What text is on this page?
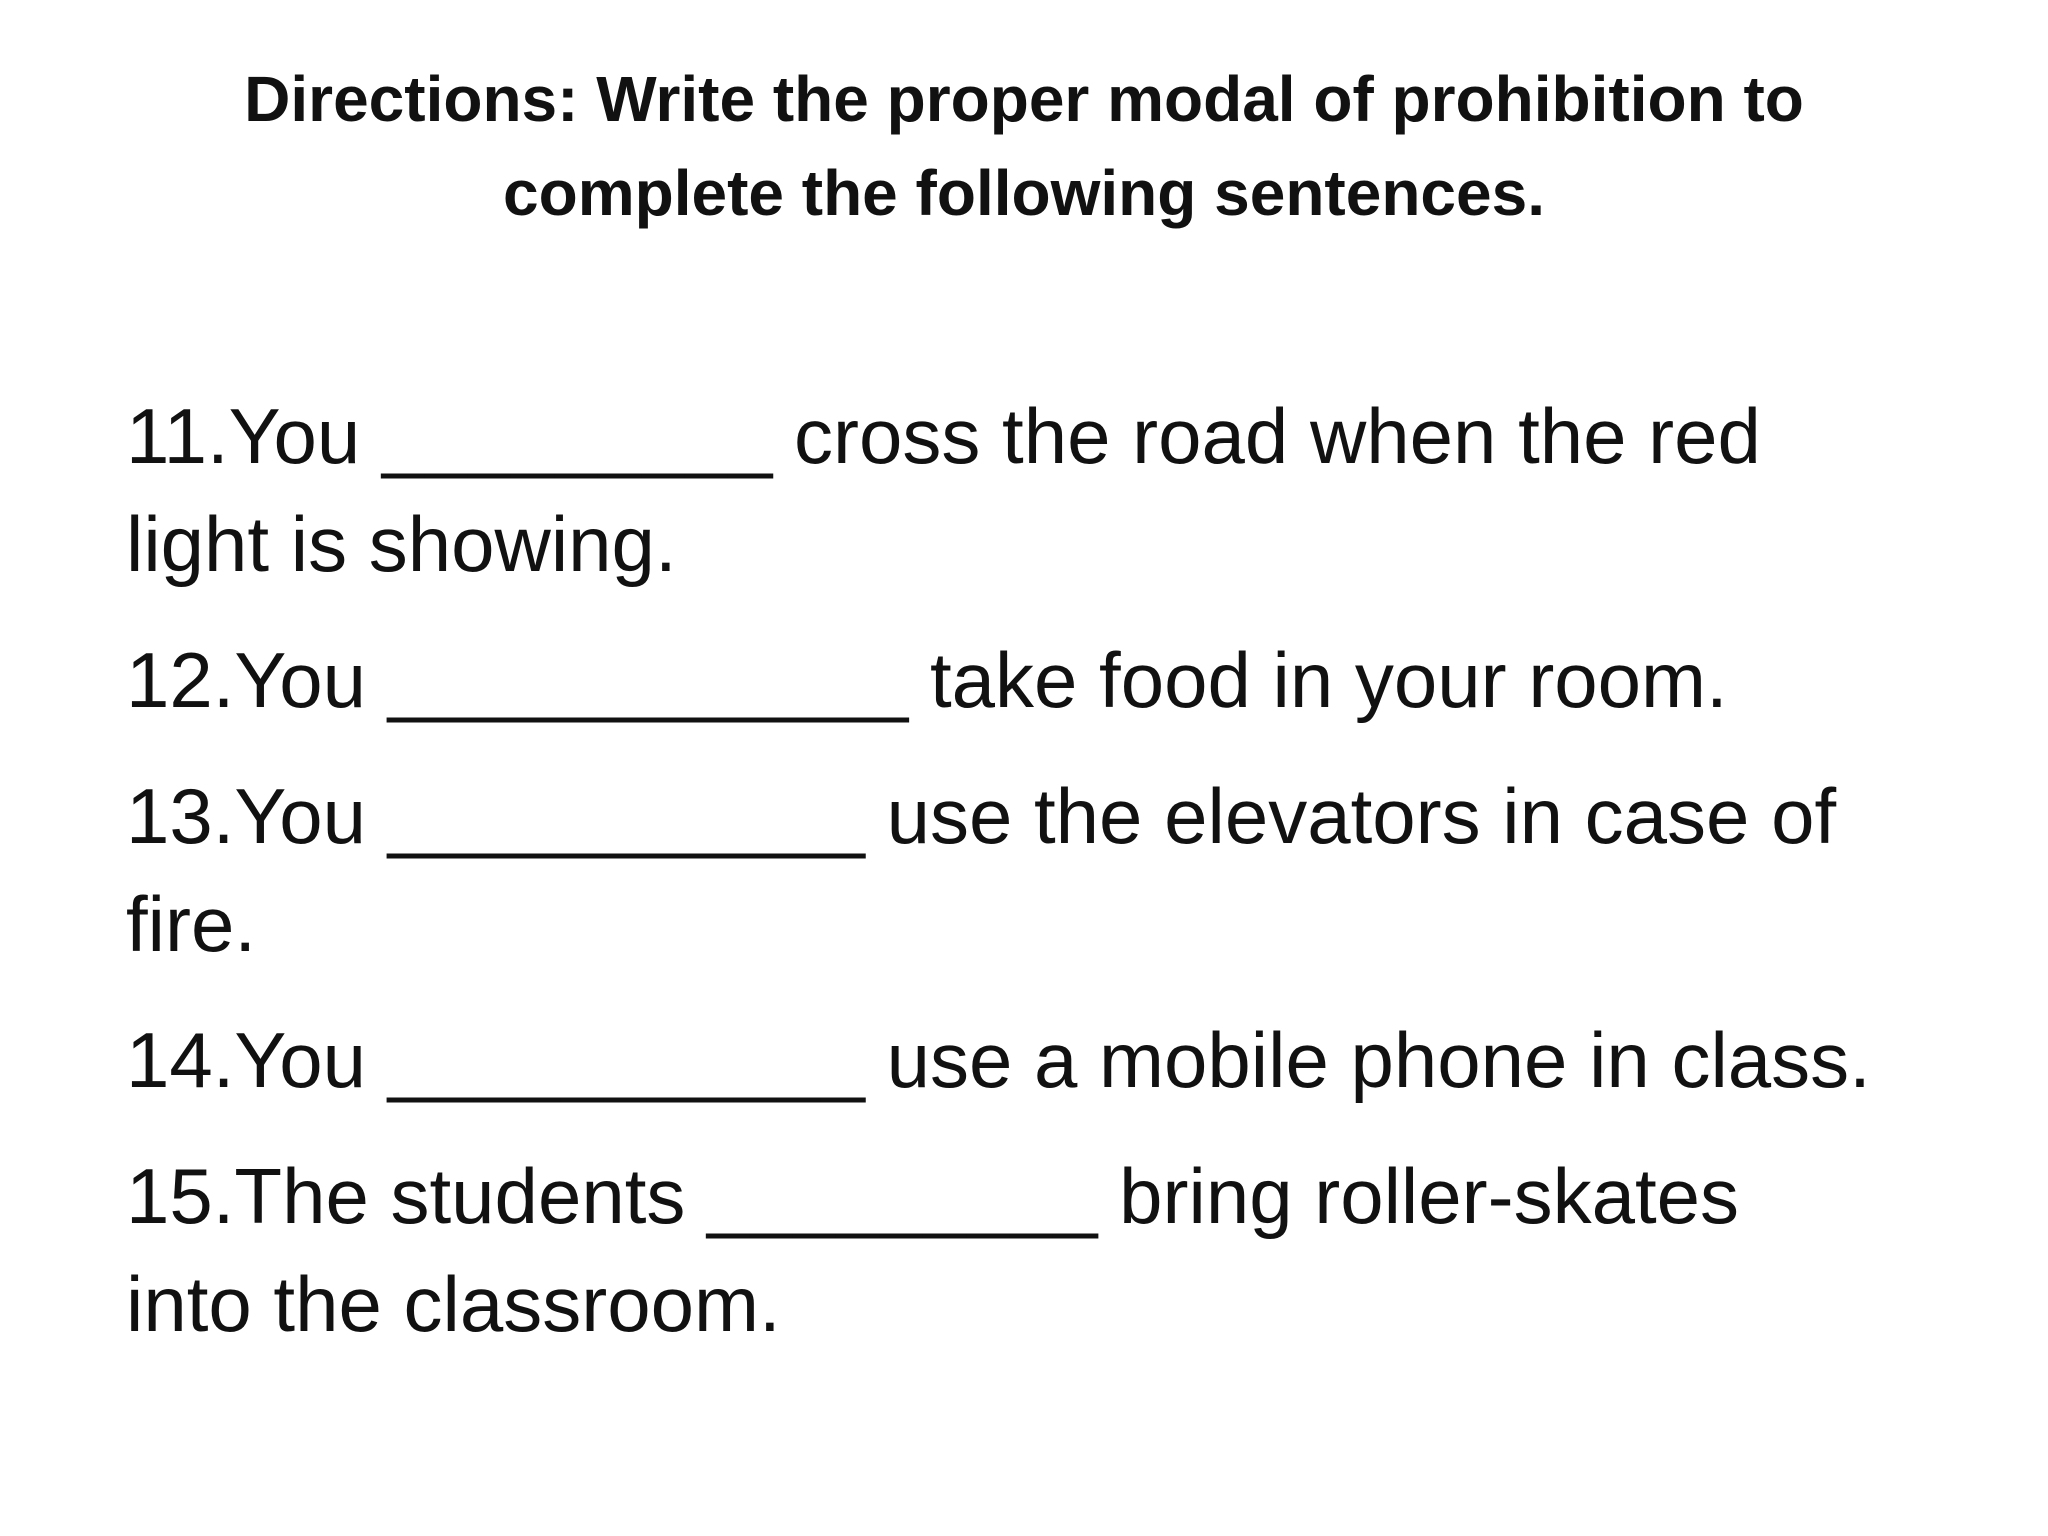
Directions: Write the proper modal of prohibition to
complete the following sentences.
11.You _________ cross the road when the red
light is showing.
12.You ____________ take food in your room.
13.You ___________ use the elevators in case of
fire.
14.You ___________ use a mobile phone in class.
15.The students _________ bring roller-skates
into the classroom.
